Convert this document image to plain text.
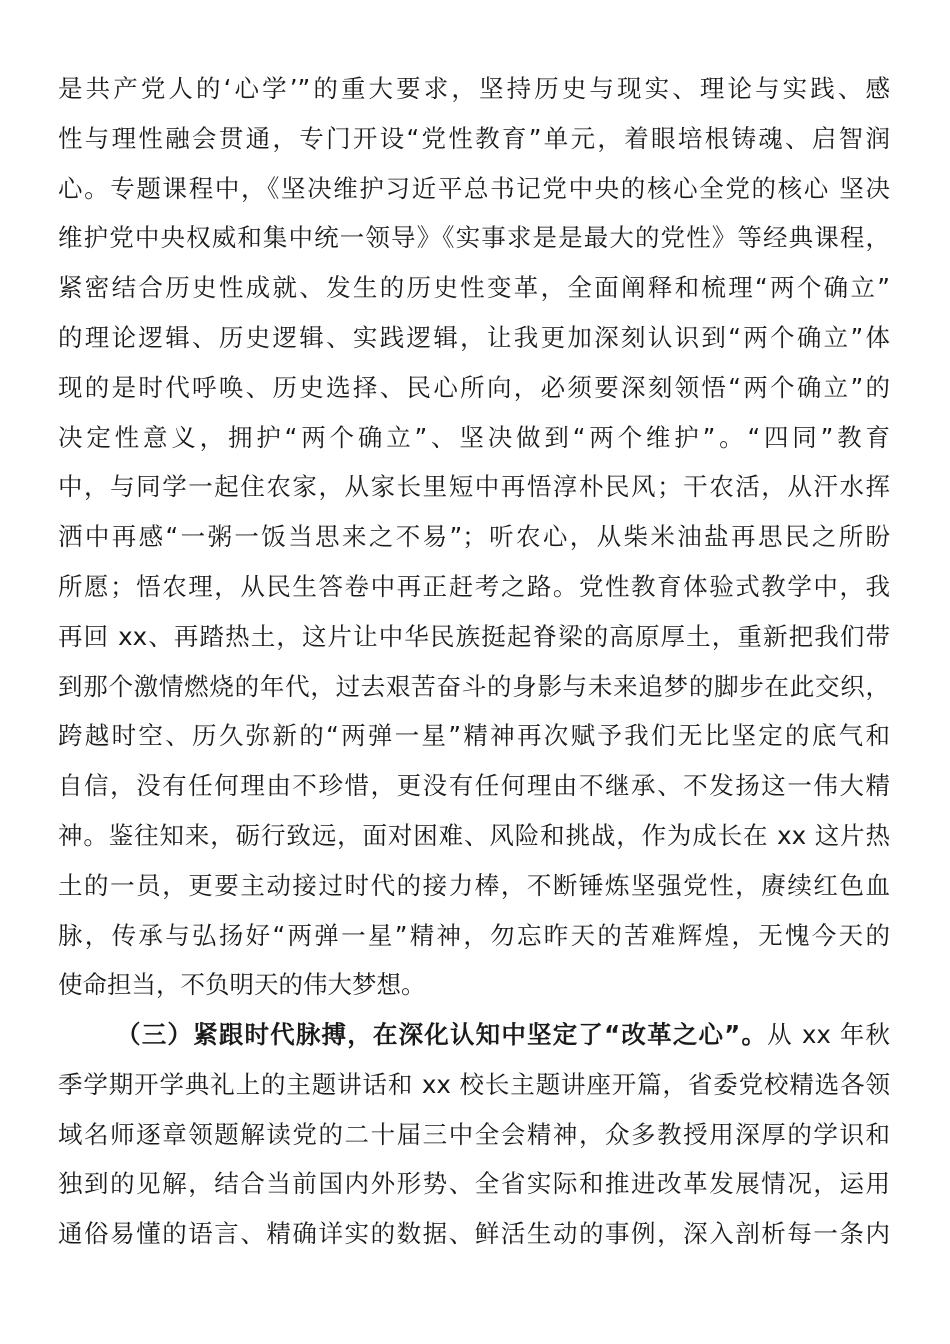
是共产党人的‘心学’”的重大要求，坚持历史与现实、理论与实践、感
性与理性融会贯通，专门开设“党性教育”单元，着眼培根铸魂、启智润
心。专题课程中，《坚决维护习近平总书记党中央的核心全党的核心 坚决
维护党中央权威和集中统一领导》《实事求是是最大的党性》等经典课程，
紧密结合历史性成就、发生的历史性变革，全面阐释和梳理“两个确立”
的理论逻辑、历史逻辑、实践逻辑，让我更加深刻认识到“两个确立”体
现的是时代呼唤、历史选择、民心所向，必须要深刻领悟“两个确立”的
决定性意义，拥护“两个确立”、坚决做到“两个维护”。“四同”教育
中，与同学一起住农家，从家长里短中再悟淳朴民风；干农活，从汗水挥
洒中再感“一粥一饭当思来之不易”；听农心，从柴米油盐再思民之所盼
所愿；悟农理，从民生答卷中再正赶考之路。党性教育体验式教学中，我
再回 xx、再踏热土，这片让中华民族挺起脊梁的高原厚土，重新把我们带
到那个激情燃烧的年代，过去艰苦奋斗的身影与未来追梦的脚步在此交织，
跨越时空、历久弥新的“两弹一星”精神再次赋予我们无比坚定的底气和
自信，没有任何理由不珍惜，更没有任何理由不继承、不发扬这一伟大精
神。鉴往知来，砺行致远，面对困难、风险和挑战，作为成长在 xx 这片热
土的一员，更要主动接过时代的接力棒，不断锤炼坚强党性，赓续红色血
脉，传承与弘扬好“两弹一星”精神，勿忘昨天的苦难辉煌，无愧今天的
使命担当，不负明天的伟大梦想。
（三）紧跟时代脉搏，在深化认知中坚定了“改革之心”。从 xx 年秋
季学期开学典礼上的主题讲话和 xx 校长主题讲座开篇，省委党校精选各领
域名师逐章领题解读党的二十届三中全会精神，众多教授用深厚的学识和
独到的见解，结合当前国内外形势、全省实际和推进改革发展情况，运用
通俗易懂的语言、精确详实的数据、鲜活生动的事例，深入剖析每一条内
